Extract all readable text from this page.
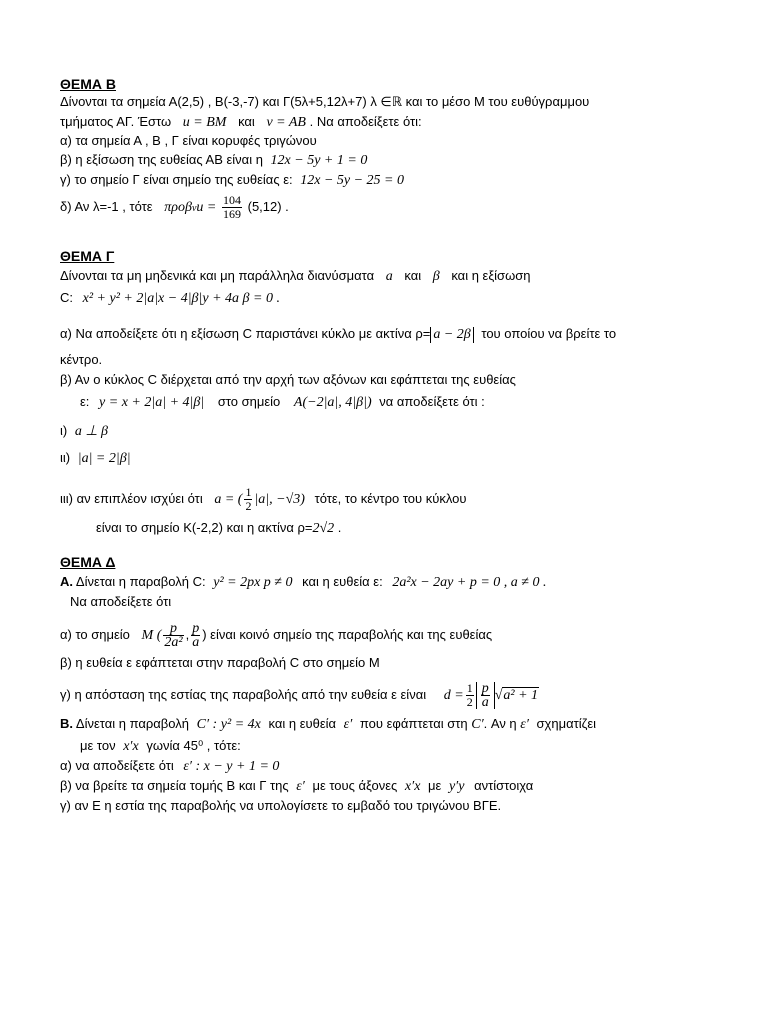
ΘΕΜΑ Β
Δίνονται τα σημεία Α(2,5) , Β(-3,-7) και Γ(5λ+5,12λ+7) λ ∈ℝ και το μέσο Μ του ευθύγραμμου
τμήματος ΑΓ. Έστω u = BM και v = AB . Να αποδείξετε ότι:
α) τα σημεία Α , Β , Γ είναι κορυφές τριγώνου
β) η εξίσωση της ευθείας ΑΒ είναι η 12x − 5y + 1 = 0
γ) το σημείο Γ είναι σημείο της ευθείας ε: 12x − 5y − 25 = 0
δ) Αν λ=-1 , τότε $\pi\rho o\beta vu = \frac{104}{169} (5,12)$ .
ΘΕΜΑ Γ
Δίνονται τα μη μηδενικά και μη παράλληλα διανύσματα a και β και η εξίσωση
C: x² + y² + 2|a|x − 4|β|y + 4a β = 0 .
α) Να αποδείξετε ότι η εξίσωση C παριστάνει κύκλο με ακτίνα ρ= a − 2β του οποίου να βρείτε το
κέντρο.
β) Αν ο κύκλος C διέρχεται από την αρχή των αξόνων και εφάπτεται της ευθείας
ε: y = x + 2|a| + 4|β| στο σημείο A(−2|a|, 4|β|) να αποδείξετε ότι :
ι) a ⊥ β
ιι) |a| = 2|β|
ιιι) αν επιπλέον ισχύει ότι a = ( $\frac{1}{2} |a|$, −√3) τότε, το κέντρο του κύκλου
είναι το σημείο Κ(-2,2) και η ακτίνα ρ=2√2 .
ΘΕΜΑ Δ
Α. Δίνεται η παραβολή C: y² = 2px p ≠ 0 και η ευθεία ε: 2a²x − 2ay + p = 0 , a ≠ 0 .
Να αποδείξετε ότι
α) το σημείο M ( $\frac{p}{\text{2a²}}$ , $\frac{p}{a}$ ) είναι κοινό σημείο της παραβολής και της ευθείας
β) η ευθεία ε εφάπτεται στην παραβολή C στο σημείο Μ
γ) η απόσταση της εστίας της παραβολής από την ευθεία ε είναι $d = \frac{1}{2} \frac{p}{a} √a^2 + 1$
Β. Δίνεται η παραβολή C′ : y² = 4x και η ευθεία ε′ που εφάπτεται στη C′. Αν η ε′ σχηματίζει
με τον x′x γωνία 45⁰ , τότε:
α) να αποδείξετε ότι ε′ : x − y + 1 = 0
β) να βρείτε τα σημεία τομής Β και Γ της ε′ με τους άξονες x′x με y′y αντίστοιχα
γ) αν Ε η εστία της παραβολής να υπολογίσετε το εμβαδό του τριγώνου ΒΓΕ.
